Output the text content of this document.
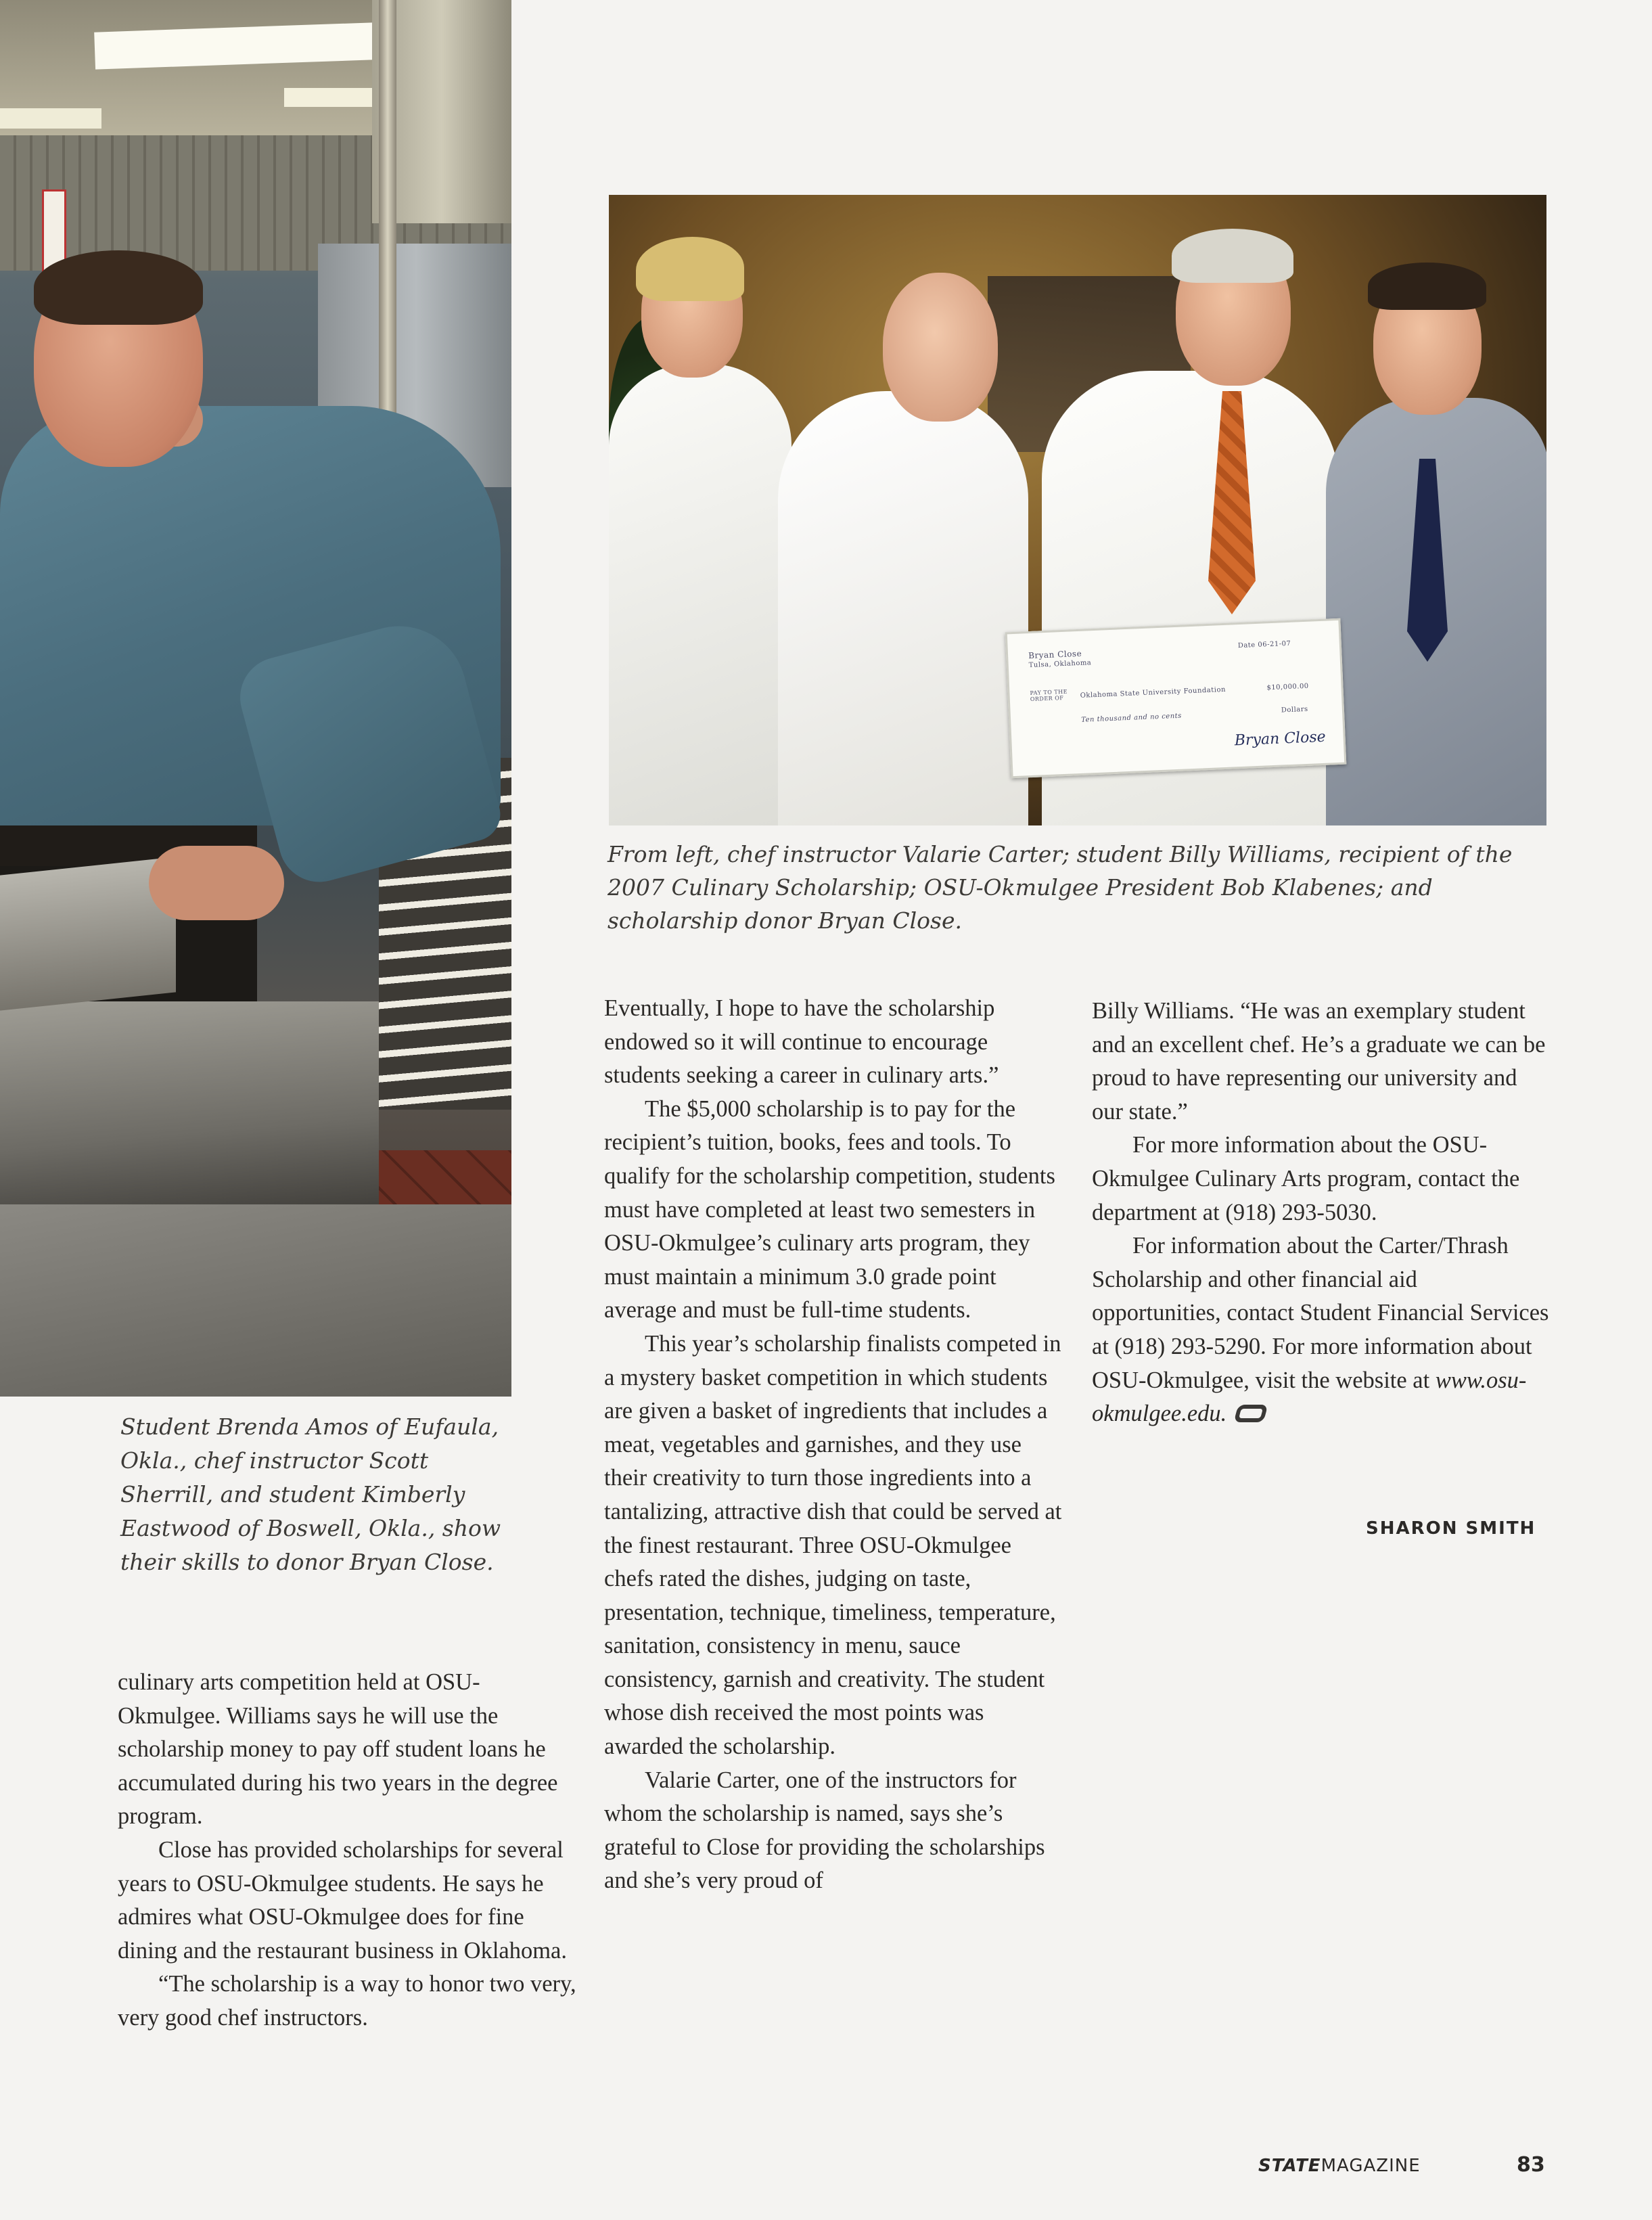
Bryan Close
Tulsa, Oklahoma
Date 06-21-07
PAY TO THE ORDER OF	Oklahoma State University Foundation	$10,000.00
Ten thousand and no cents
Dollars
Bryan Close
From left, chef instructor Valarie Carter; student Billy Williams, recipient of the 2007 Culinary Scholarship; OSU-Okmulgee President Bob Klabenes; and scholarship donor Bryan Close.
Student Brenda Amos of Eufaula, Okla., chef instructor Scott Sherrill, and student Kimberly Eastwood of Boswell, Okla., show their skills to donor Bryan Close.

culinary arts competition held at OSU-Okmulgee. Williams says he will use the scholarship money to pay off student loans he accumulated during his two years in the degree program.

Close has provided scholarships for several years to OSU-Okmulgee students. He says he admires what OSU-Okmulgee does for fine dining and the restaurant business in Oklahoma.

“The scholarship is a way to honor two very, very good chef instructors.

Eventually, I hope to have the scholarship endowed so it will continue to encourage students seeking a career in culinary arts.”

The $5,000 scholarship is to pay for the recipient’s tuition, books, fees and tools. To qualify for the scholarship competition, students must have completed at least two semesters in OSU-Okmulgee’s culinary arts program, they must maintain a minimum 3.0 grade point average and must be full-time students.

This year’s scholarship finalists competed in a mystery basket competition in which students are given a basket of ingredients that includes a meat, vegetables and garnishes, and they use their creativity to turn those ingredients into a tantalizing, attractive dish that could be served at the finest restaurant. Three OSU-Okmulgee chefs rated the dishes, judging on taste, presentation, technique, timeliness, temperature, sanitation, consistency in menu, sauce consistency, garnish and creativity. The student whose dish received the most points was awarded the scholarship.

Valarie Carter, one of the instructors for whom the scholarship is named, says she’s grateful to Close for providing the scholarships and she’s very proud of

Billy Williams. “He was an exemplary student and an excellent chef. He’s a graduate we can be proud to have representing our university and our state.”

For more information about the OSU-Okmulgee Culinary Arts program, contact the department at (918) 293-5030.

For information about the Carter/Thrash Scholarship and other financial aid opportunities, contact Student Financial Services at (918) 293-5290. For more information about OSU-Okmulgee, visit the website at www.osu-okmulgee.edu.

SHARON SMITH
STATEMAGAZINE	83
